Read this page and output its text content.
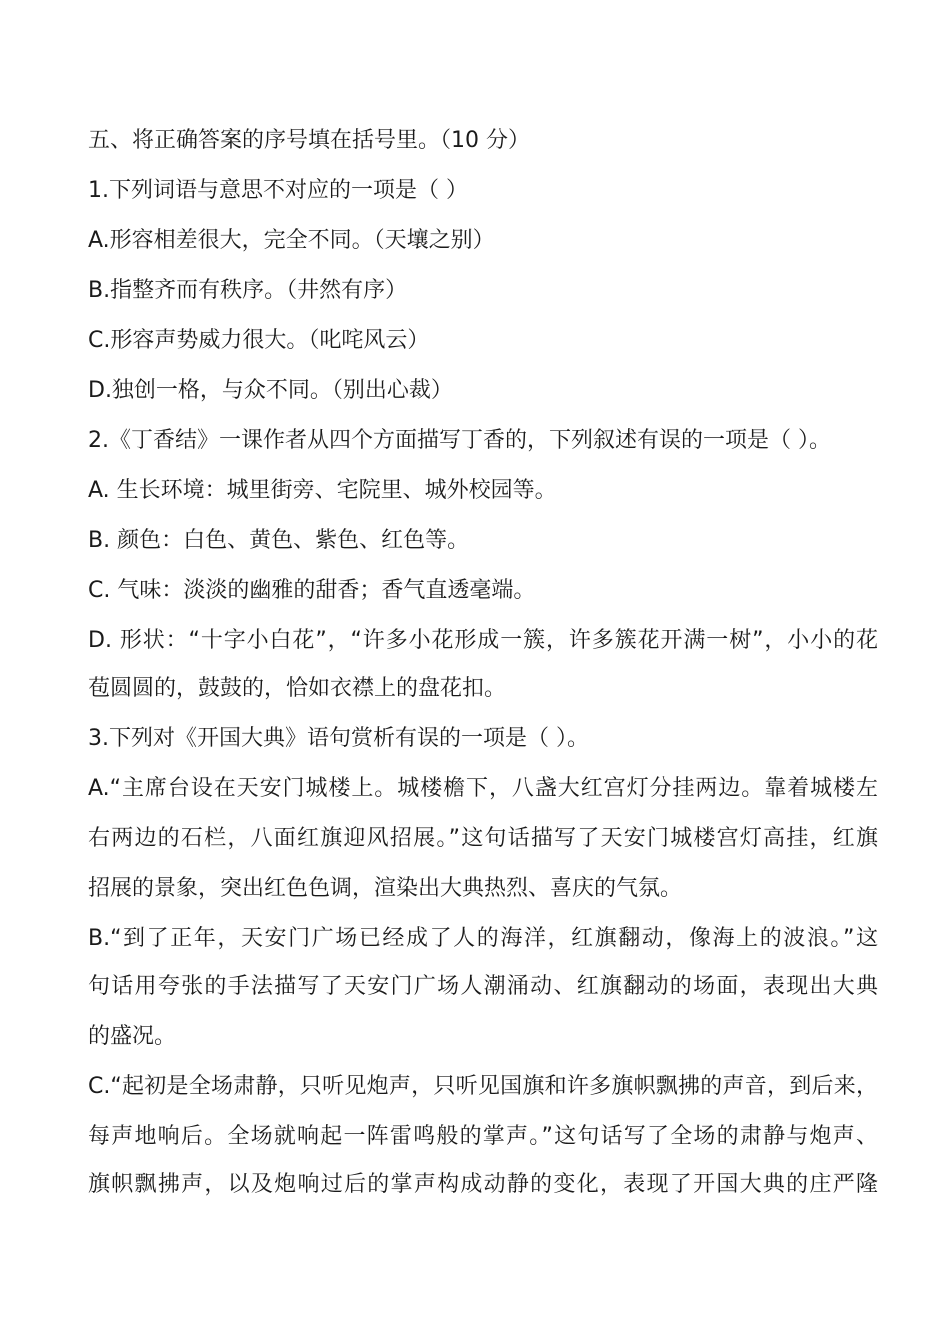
五、将正确答案的序号填在括号里。（10 分）
1.下列词语与意思不对应的一项是（ ）
A.形容相差很大，完全不同。（天壤之别）
B.指整齐而有秩序。（井然有序）
C.形容声势威力很大。（叱咤风云）
D.独创一格，与众不同。（别出心裁）
2.《丁香结》一课作者从四个方面描写丁香的，下列叙述有误的一项是（ ）。
A. 生长环境：城里街旁、宅院里、城外校园等。
B. 颜色：白色、黄色、紫色、红色等。
C. 气味：淡淡的幽雅的甜香；香气直透毫端。
D. 形状：“十字小白花”，“许多小花形成一簇，许多簇花开满一树”，小小的花
苞圆圆的，鼓鼓的，恰如衣襟上的盘花扣。
3.下列对《开国大典》语句赏析有误的一项是（ ）。
A.“主席台设在天安门城楼上。城楼檐下，八盏大红宫灯分挂两边。靠着城楼左
右两边的石栏，八面红旗迎风招展。”这句话描写了天安门城楼宫灯高挂，红旗
招展的景象，突出红色色调，渲染出大典热烈、喜庆的气氛。
B.“到了正年，天安门广场已经成了人的海洋，红旗翻动，像海上的波浪。”这
句话用夸张的手法描写了天安门广场人潮涌动、红旗翻动的场面，表现出大典
的盛况。
C.“起初是全场肃静，只听见炮声，只听见国旗和许多旗帜飘拂的声音，到后来，
每声地响后。全场就响起一阵雷鸣般的掌声。”这句话写了全场的肃静与炮声、
旗帜飘拂声，以及炮响过后的掌声构成动静的变化，表现了开国大典的庄严隆
